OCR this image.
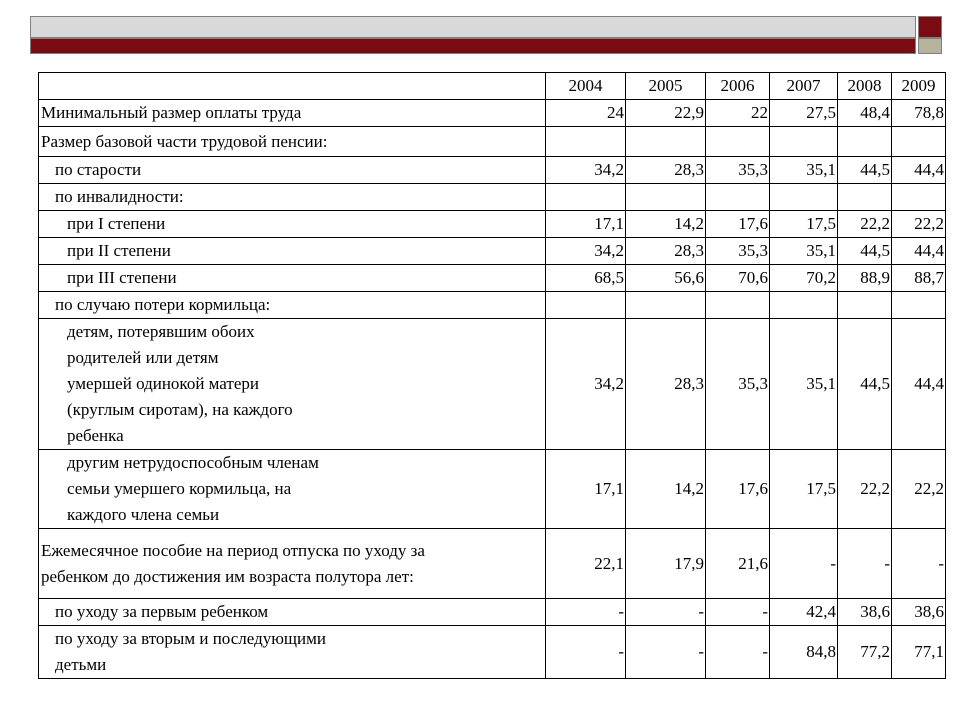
	2004	2005	2006	2007	2008	2009
Минимальный размер оплаты труда	24	22,9	22	27,5	48,4	78,8
Размер базовой части трудовой пенсии:						
по старости	34,2	28,3	35,3	35,1	44,5	44,4
по инвалидности:						
при I степени	17,1	14,2	17,6	17,5	22,2	22,2
при II степени	34,2	28,3	35,3	35,1	44,5	44,4
при III степени	68,5	56,6	70,6	70,2	88,9	88,7
по случаю потери кормильца:						

детям, потерявшим обоих
родителей или детям
умершей одинокой матери
(круглым сиротам), на каждого
ребенка	34,2	28,3	35,3	35,1	44,5	44,4

другим нетрудоспособным членам
семьи умершего кормильца, на
каждого члена семьи	17,1	14,2	17,6	17,5	22,2	22,2

Ежемесячное пособие на период отпуска по уходу за
ребенком до достижения им возраста полутора лет:	22,1	17,9	21,6	-	-	-
по уходу за первым ребенком	-	-	-	42,4	38,6	38,6

по уходу за вторым и последующими
детьми	-	-	-	84,8	77,2	77,1
